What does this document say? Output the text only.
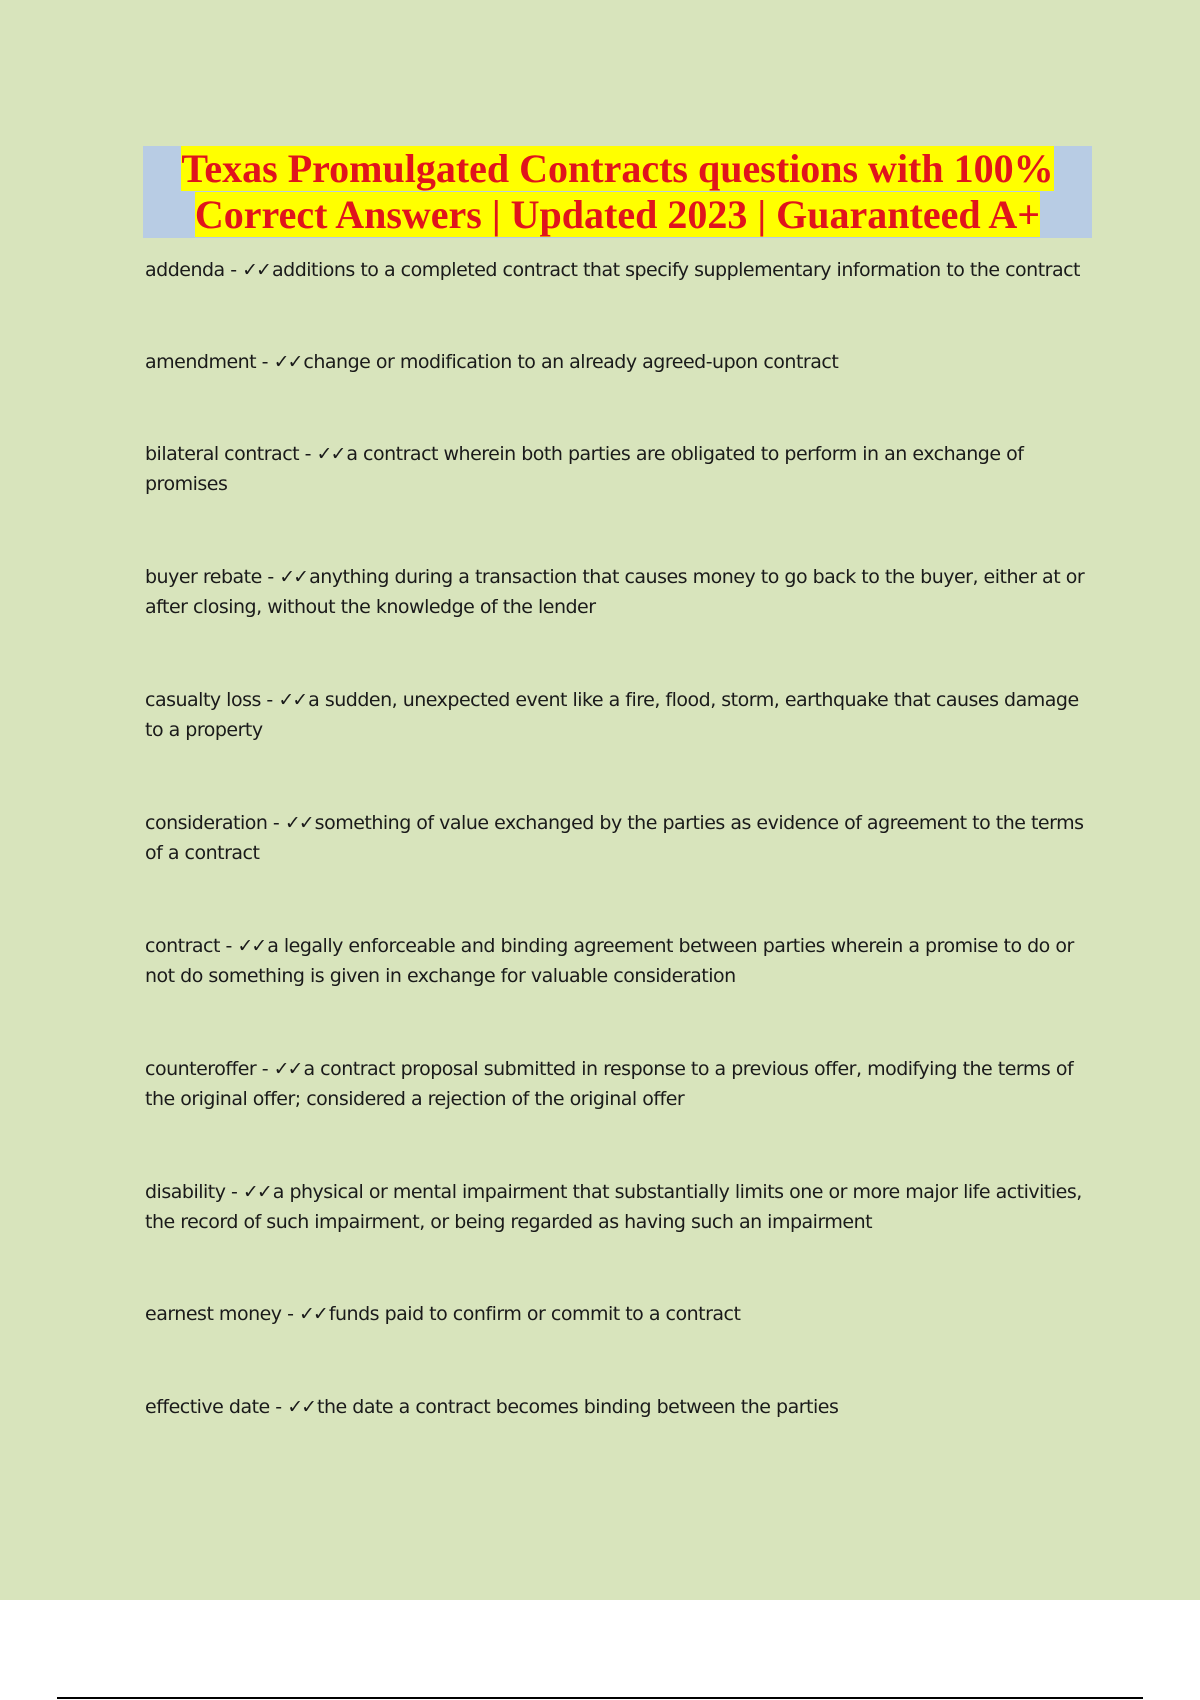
Texas Promulgated Contracts questions with 100%
Correct Answers | Updated 2023 | Guaranteed A+

addenda - ✓✓ additions to a completed contract that specify supplementary information to the contract

amendment - ✓✓ change or modification to an already agreed-upon contract

bilateral contract - ✓✓ a contract wherein both parties are obligated to perform in an exchange of promises

buyer rebate - ✓✓ anything during a transaction that causes money to go back to the buyer, either at or after closing, without the knowledge of the lender

casualty loss - ✓✓ a sudden, unexpected event like a fire, flood, storm, earthquake that causes damage to a property

consideration - ✓✓ something of value exchanged by the parties as evidence of agreement to the terms of a contract

contract - ✓✓ a legally enforceable and binding agreement between parties wherein a promise to do or not do something is given in exchange for valuable consideration

counteroffer - ✓✓ a contract proposal submitted in response to a previous offer, modifying the terms of the original offer; considered a rejection of the original offer

disability - ✓✓ a physical or mental impairment that substantially limits one or more major life activities, the record of such impairment, or being regarded as having such an impairment

earnest money - ✓✓ funds paid to confirm or commit to a contract

effective date - ✓✓ the date a contract becomes binding between the parties
